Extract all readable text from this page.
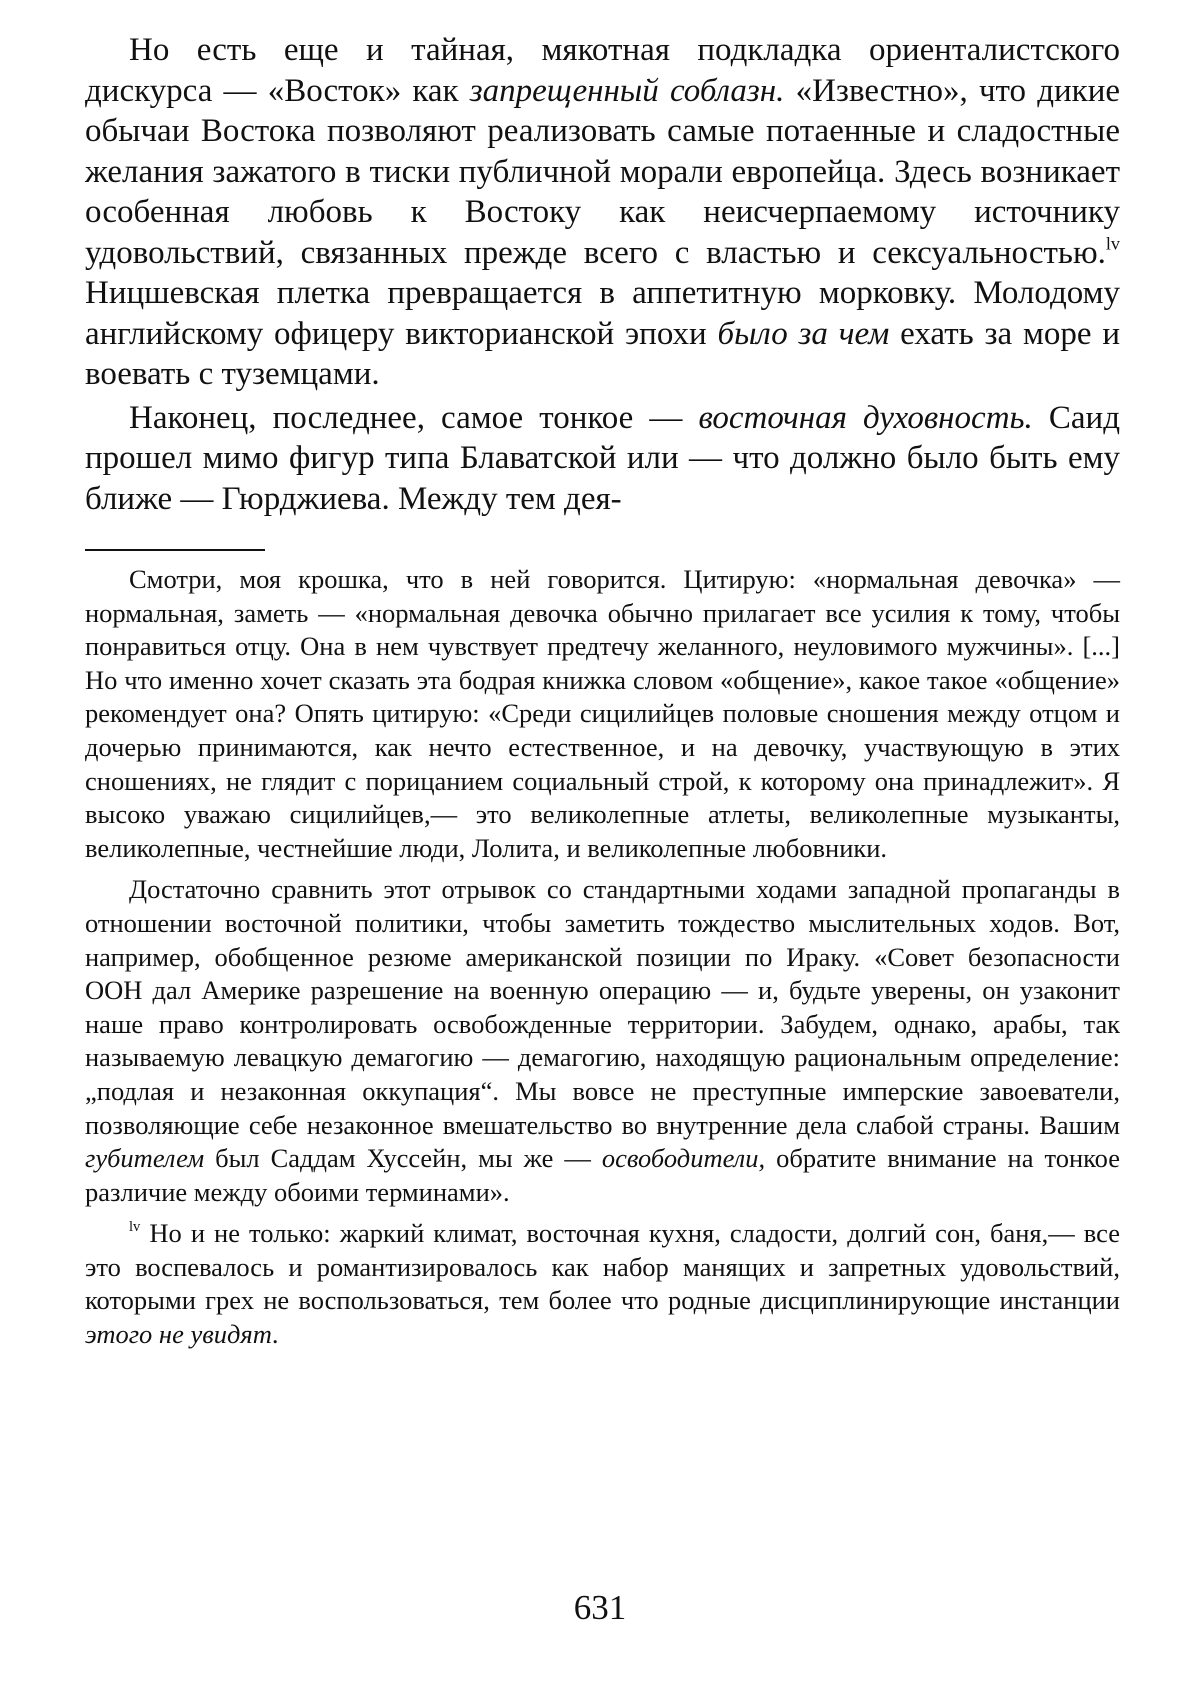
Но есть еще и тайная, мякотная подкладка ориенталистского дискурса — «Восток» как запрещенный соблазн. «Известно», что дикие обычаи Востока позволяют реализовать самые потаенные и сладостные желания зажатого в тиски публичной морали европейца. Здесь возникает особенная любовь к Востоку как неисчерпаемому источнику удовольствий, связанных прежде всего с властью и сексуальностью.$^{lv}$ Ницшевская плетка превращается в аппетитную морковку. Молодому английскому офицеру викторианской эпохи было за чем ехать за море и воевать с туземцами.

Наконец, последнее, самое тонкое — восточная духовность. Саид прошел мимо фигур типа Блаватской или — что должно было быть ему ближе — Гюрджиева. Между тем дея-

Смотри, моя крошка, что в ней говорится. Цитирую: «нормальная девочка» — нормальная, заметь — «нормальная девочка обычно прилагает все усилия к тому, чтобы понравиться отцу. Она в нем чувствует предтечу желанного, неуловимого мужчины». [...] Но что именно хочет сказать эта бодрая книжка словом «общение», какое такое «общение» рекомендует она? Опять цитирую: «Среди сицилийцев половые сношения между отцом и дочерью принимаются, как нечто естественное, и на девочку, участвующую в этих сношениях, не глядит с порицанием социальный строй, к которому она принадлежит». Я высоко уважаю сицилийцев,— это великолепные атлеты, великолепные музыканты, великолепные, честнейшие люди, Лолита, и великолепные любовники.

Достаточно сравнить этот отрывок со стандартными ходами западной пропаганды в отношении восточной политики, чтобы заметить тождество мыслительных ходов. Вот, например, обобщенное резюме американской позиции по Ираку. «Совет безопасности ООН дал Америке разрешение на военную операцию — и, будьте уверены, он узаконит наше право контролировать освобожденные территории. Забудем, однако, арабы, так называемую левацкую демагогию — демагогию, находящую рациональным определение: „подлая и незаконная оккупация“. Мы вовсе не преступные имперские завоеватели, позволяющие себе незаконное вмешательство во внутренние дела слабой страны. Вашим губителем был Саддам Хуссейн, мы же — освободители, обратите внимание на тонкое различие между обоими терминами».

$^{lv}$ Но и не только: жаркий климат, восточная кухня, сладости, долгий сон, баня,— все это воспевалось и романтизировалось как набор манящих и запретных удовольствий, которыми грех не воспользоваться, тем более что родные дисциплинирующие инстанции этого не увидят.

631
